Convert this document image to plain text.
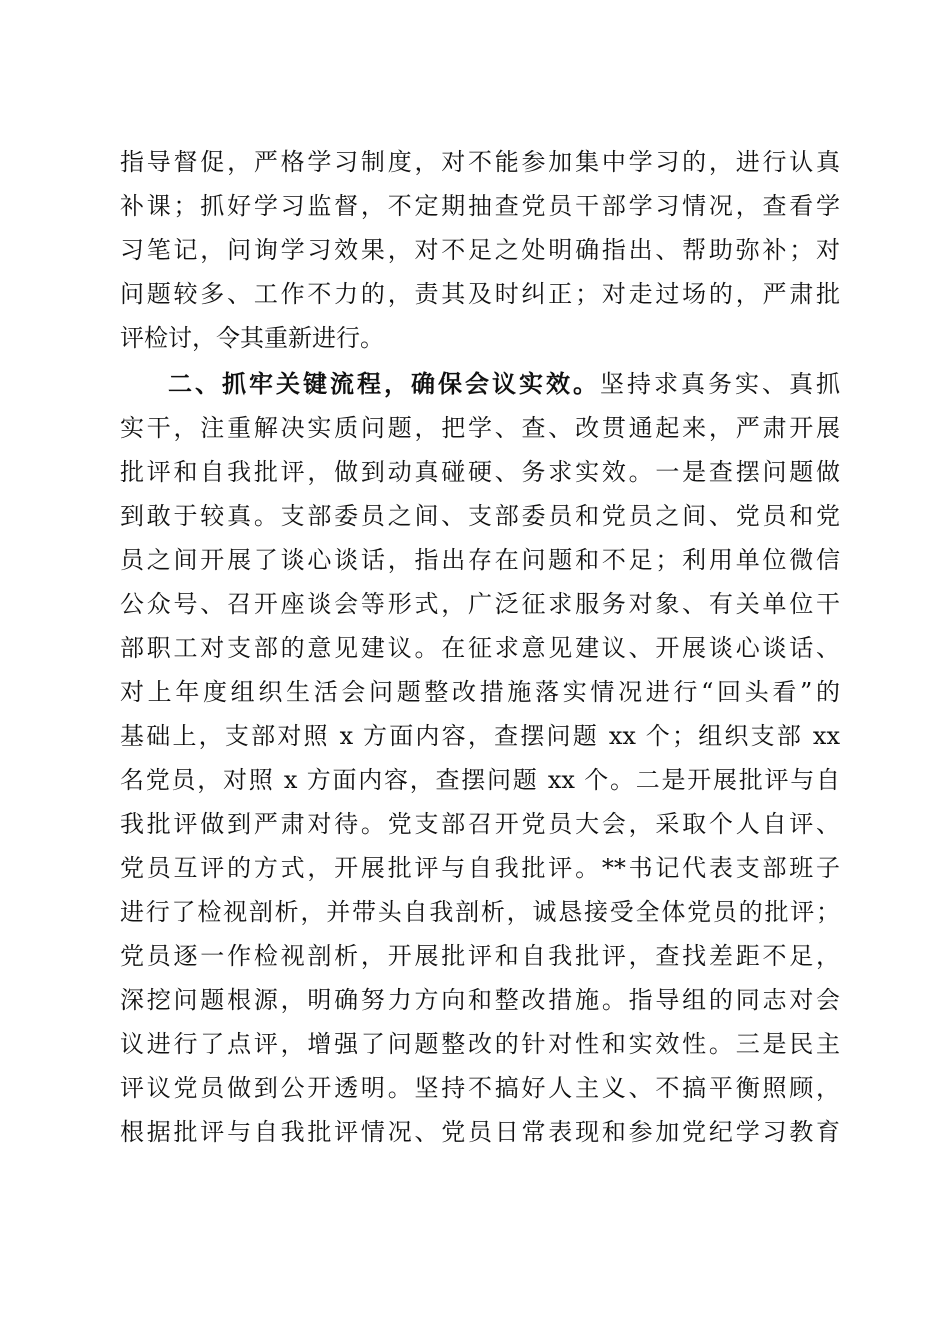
指导督促，严格学习制度，对不能参加集中学习的，进行认真
补课；抓好学习监督，不定期抽查党员干部学习情况，查看学
习笔记，问询学习效果，对不足之处明确指出、帮助弥补；对
问题较多、工作不力的，责其及时纠正；对走过场的，严肃批
评检讨，令其重新进行。
二、抓牢关键流程，确保会议实效。坚持求真务实、真抓
实干，注重解决实质问题，把学、查、改贯通起来，严肃开展
批评和自我批评，做到动真碰硬、务求实效。一是查摆问题做
到敢于较真。支部委员之间、支部委员和党员之间、党员和党
员之间开展了谈心谈话，指出存在问题和不足；利用单位微信
公众号、召开座谈会等形式，广泛征求服务对象、有关单位干
部职工对支部的意见建议。在征求意见建议、开展谈心谈话、
对上年度组织生活会问题整改措施落实情况进行“回头看”的
基础上，支部对照 x 方面内容，查摆问题 xx 个；组织支部 xx
名党员，对照 x 方面内容，查摆问题 xx 个。二是开展批评与自
我批评做到严肃对待。党支部召开党员大会，采取个人自评、
党员互评的方式，开展批评与自我批评。**书记代表支部班子
进行了检视剖析，并带头自我剖析，诚恳接受全体党员的批评；
党员逐一作检视剖析，开展批评和自我批评，查找差距不足，
深挖问题根源，明确努力方向和整改措施。指导组的同志对会
议进行了点评，增强了问题整改的针对性和实效性。三是民主
评议党员做到公开透明。坚持不搞好人主义、不搞平衡照顾，
根据批评与自我批评情况、党员日常表现和参加党纪学习教育
